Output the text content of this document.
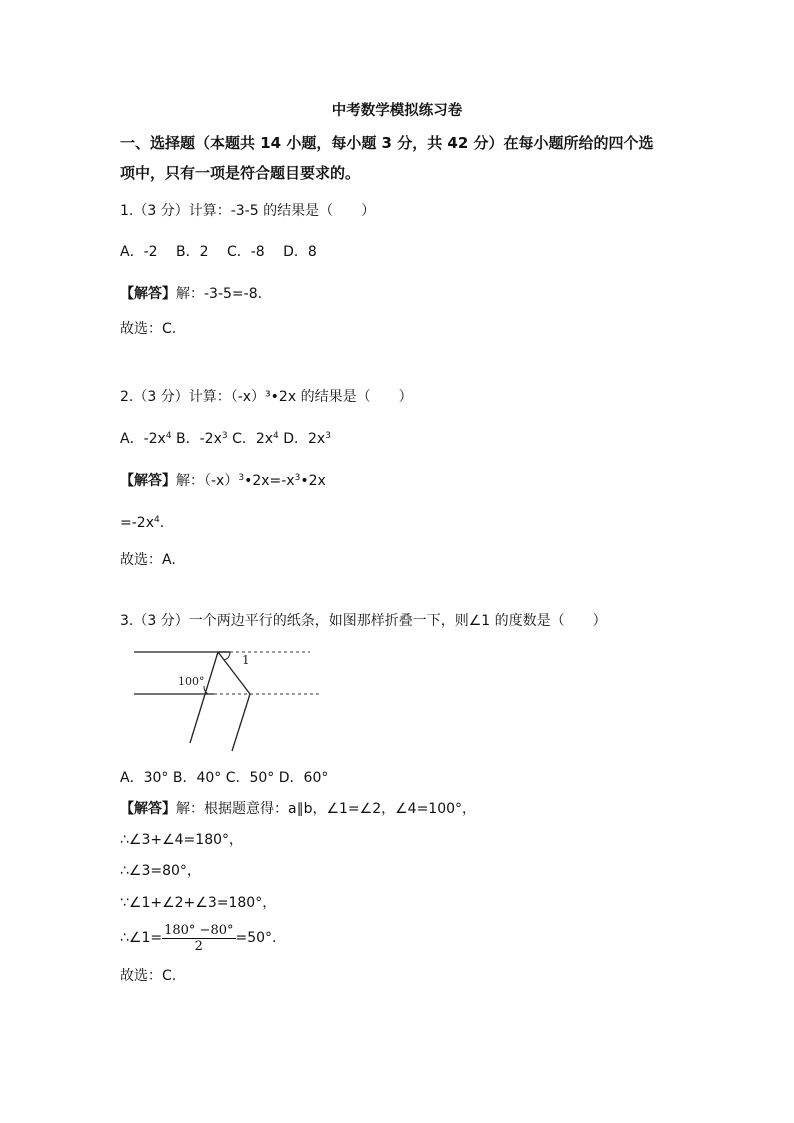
中考数学模拟练习卷
一、选择题（本题共 14 小题，每小题 3 分，共 42 分）在每小题所给的四个选
项中，只有一项是符合题目要求的。
1.（3 分）计算：-3-5 的结果是（　　）
A．-2　 B．2　 C．-8　 D．8
【解答】解：-3-5=-8.
故选：C.
2.（3 分）计算：（-x）³•2x 的结果是（　　）
A．$-2x^4$ B．$-2x^3$ C．$2x^4$ D．$2x^3$
【解答】解：$(-x)^3•2x=-x^3•2x$
$=-2x^4$.
故选：A.
3.（3 分）一个两边平行的纸条，如图那样折叠一下，则∠1 的度数是（　　）
100°
1
A．30° B．40° C．50° D．60°
【解答】解：根据题意得：a∥b，∠1=∠2，∠4=100°，
∴∠3+∠4=180°，
∴∠3=80°，
∵∠1+∠2+∠3=180°，
∴∠1= $\frac{180^\circ -80^\circ}{2} =50^\circ$.
故选：C.
